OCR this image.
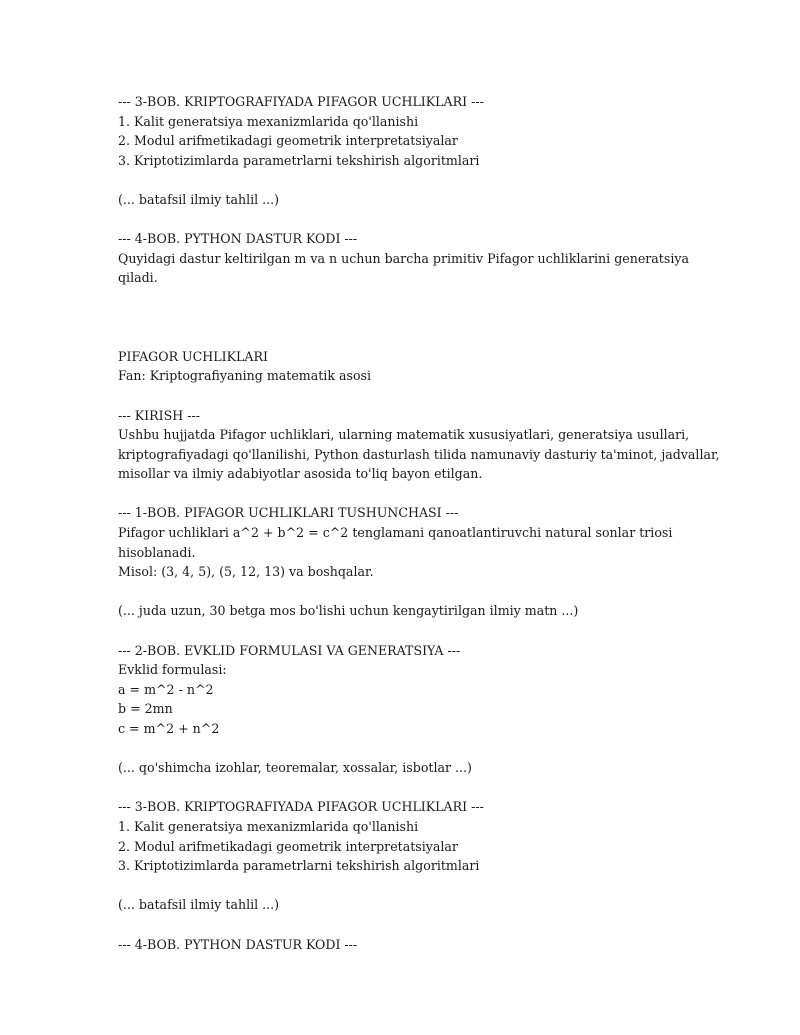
--- 3-BOB. KRIPTOGRAFIYADA PIFAGOR UCHLIKLARI ---
1. Kalit generatsiya mexanizmlarida qo'llanishi
2. Modul arifmetikadagi geometrik interpretatsiyalar
3. Kriptotizimlarda parametrlarni tekshirish algoritmlari
(... batafsil ilmiy tahlil ...)
--- 4-BOB. PYTHON DASTUR KODI ---
Quyidagi dastur keltirilgan m va n uchun barcha primitiv Pifagor uchliklarini generatsiya
qiladi.
PIFAGOR UCHLIKLARI
Fan: Kriptografiyaning matematik asosi
--- KIRISH ---
Ushbu hujjatda Pifagor uchliklari, ularning matematik xususiyatlari, generatsiya usullari,
kriptografiyadagi qo'llanilishi, Python dasturlash tilida namunaviy dasturiy ta'minot, jadvallar,
misollar va ilmiy adabiyotlar asosida to'liq bayon etilgan.
--- 1-BOB. PIFAGOR UCHLIKLARI TUSHUNCHASI ---
Pifagor uchliklari a^2 + b^2 = c^2 tenglamani qanoatlantiruvchi natural sonlar triosi
hisoblanadi.
Misol: (3, 4, 5), (5, 12, 13) va boshqalar.
(... juda uzun, 30 betga mos bo'lishi uchun kengaytirilgan ilmiy matn ...)
--- 2-BOB. EVKLID FORMULASI VA GENERATSIYA ---
Evklid formulasi:
a = m^2 - n^2
b = 2mn
c = m^2 + n^2
(... qo'shimcha izohlar, teoremalar, xossalar, isbotlar ...)
--- 3-BOB. KRIPTOGRAFIYADA PIFAGOR UCHLIKLARI ---
1. Kalit generatsiya mexanizmlarida qo'llanishi
2. Modul arifmetikadagi geometrik interpretatsiyalar
3. Kriptotizimlarda parametrlarni tekshirish algoritmlari
(... batafsil ilmiy tahlil ...)
--- 4-BOB. PYTHON DASTUR KODI ---
